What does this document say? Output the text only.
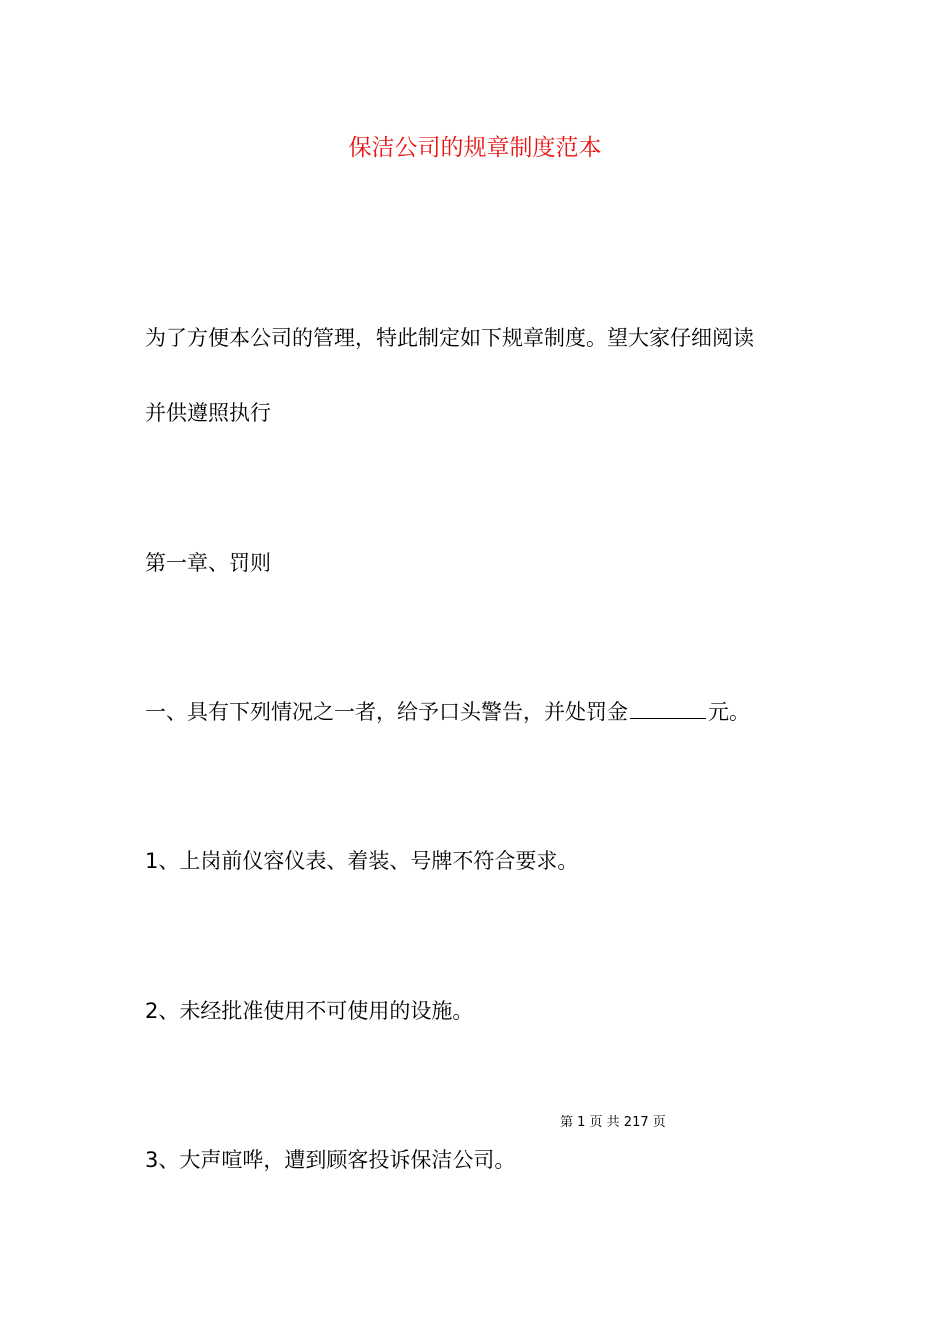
保洁公司的规章制度范本
为了方便本公司的管理，特此制定如下规章制度。望大家仔细阅读
并供遵照执行
第一章、罚则
一、具有下列情况之一者，给予口头警告，并处罚金	元。
1、上岗前仪容仪表、着装、号牌不符合要求。
2、未经批准使用不可使用的设施。
第 1 页 共 217 页
3、大声喧哗，遭到顾客投诉保洁公司。
